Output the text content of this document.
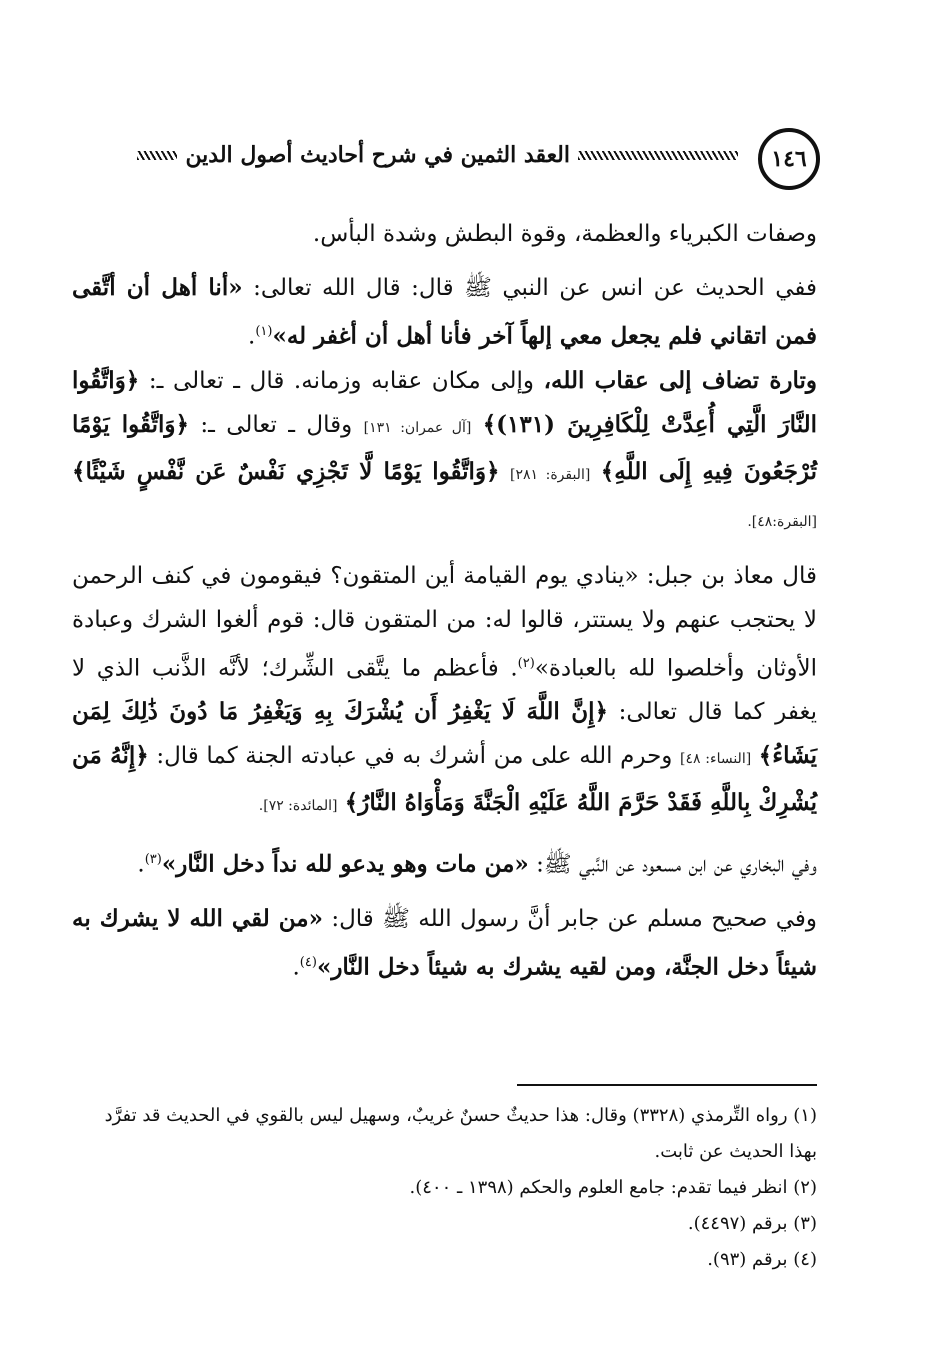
١٤٦
العقد الثمين في شرح أحاديث أصول الدين

وصفات الكبرياء والعظمة، وقوة البطش وشدة البأس.

ففي الحديث عن انس عن النبي ﷺ قال: قال الله تعالى: «أنا أهل أن أتَّقى فمن اتقاني فلم يجعل معي إلهاً آخر فأنا أهل أن أغفر له»$^{(١)}$.

وتارة تضاف إلى عقاب الله، وإلى مكان عقابه وزمانه. قال ـ تعالى ـ: ﴿وَاتَّقُوا النَّارَ الَّتِي أُعِدَّتْ لِلْكَافِرِينَ (١٣١)﴾ [آل عمران: ١٣١] وقال ـ تعالى ـ: ﴿وَاتَّقُوا يَوْمًا تُرْجَعُونَ فِيهِ إِلَى اللَّهِ﴾ [البقرة: ٢٨١] ﴿وَاتَّقُوا يَوْمًا لَّا تَجْزِي نَفْسٌ عَن نَّفْسٍ شَيْئًا﴾ [البقرة:٤٨].

قال معاذ بن جبل: «ينادي يوم القيامة أين المتقون؟ فيقومون في كنف الرحمن لا يحتجب عنهم ولا يستتر، قالوا له: من المتقون قال: قوم ألغوا الشرك وعبادة الأوثان وأخلصوا لله بالعبادة»$^{(٢)}$. فأعظم ما يتَّقى الشِّرك؛ لأنَّه الذَّنب الذي لا يغفر كما قال تعالى: ﴿إِنَّ اللَّهَ لَا يَغْفِرُ أَن يُشْرَكَ بِهِ وَيَغْفِرُ مَا دُونَ ذَٰلِكَ لِمَن يَشَاءُ﴾ [النساء: ٤٨] وحرم الله على من أشرك به في عبادته الجنة كما قال: ﴿إِنَّهُ مَن يُشْرِكْ بِاللَّهِ فَقَدْ حَرَّمَ اللَّهُ عَلَيْهِ الْجَنَّةَ وَمَأْوَاهُ النَّارُ﴾ [المائدة: ٧٢].

وفي البخاري عن ابن مسعود عن النَّبي ﷺ: «من مات وهو يدعو لله نداً دخل النَّار»$^{(٣)}$.

وفي صحيح مسلم عن جابر أنَّ رسول الله ﷺ قال: «من لقي الله لا يشرك به شيئاً دخل الجنَّة، ومن لقيه يشرك به شيئاً دخل النَّار»$^{(٤)}$.

(١) رواه التِّرمذي (٣٣٢٨) وقال: هذا حديثٌ حسنٌ غريبٌ، وسهيل ليس بالقوي في الحديث قد تفرَّد بهذا الحديث عن ثابت.

(٢) انظر فيما تقدم: جامع العلوم والحكم (١٣٩٨ ـ ٤٠٠).

(٣) برقم (٤٤٩٧).

(٤) برقم (٩٣).
